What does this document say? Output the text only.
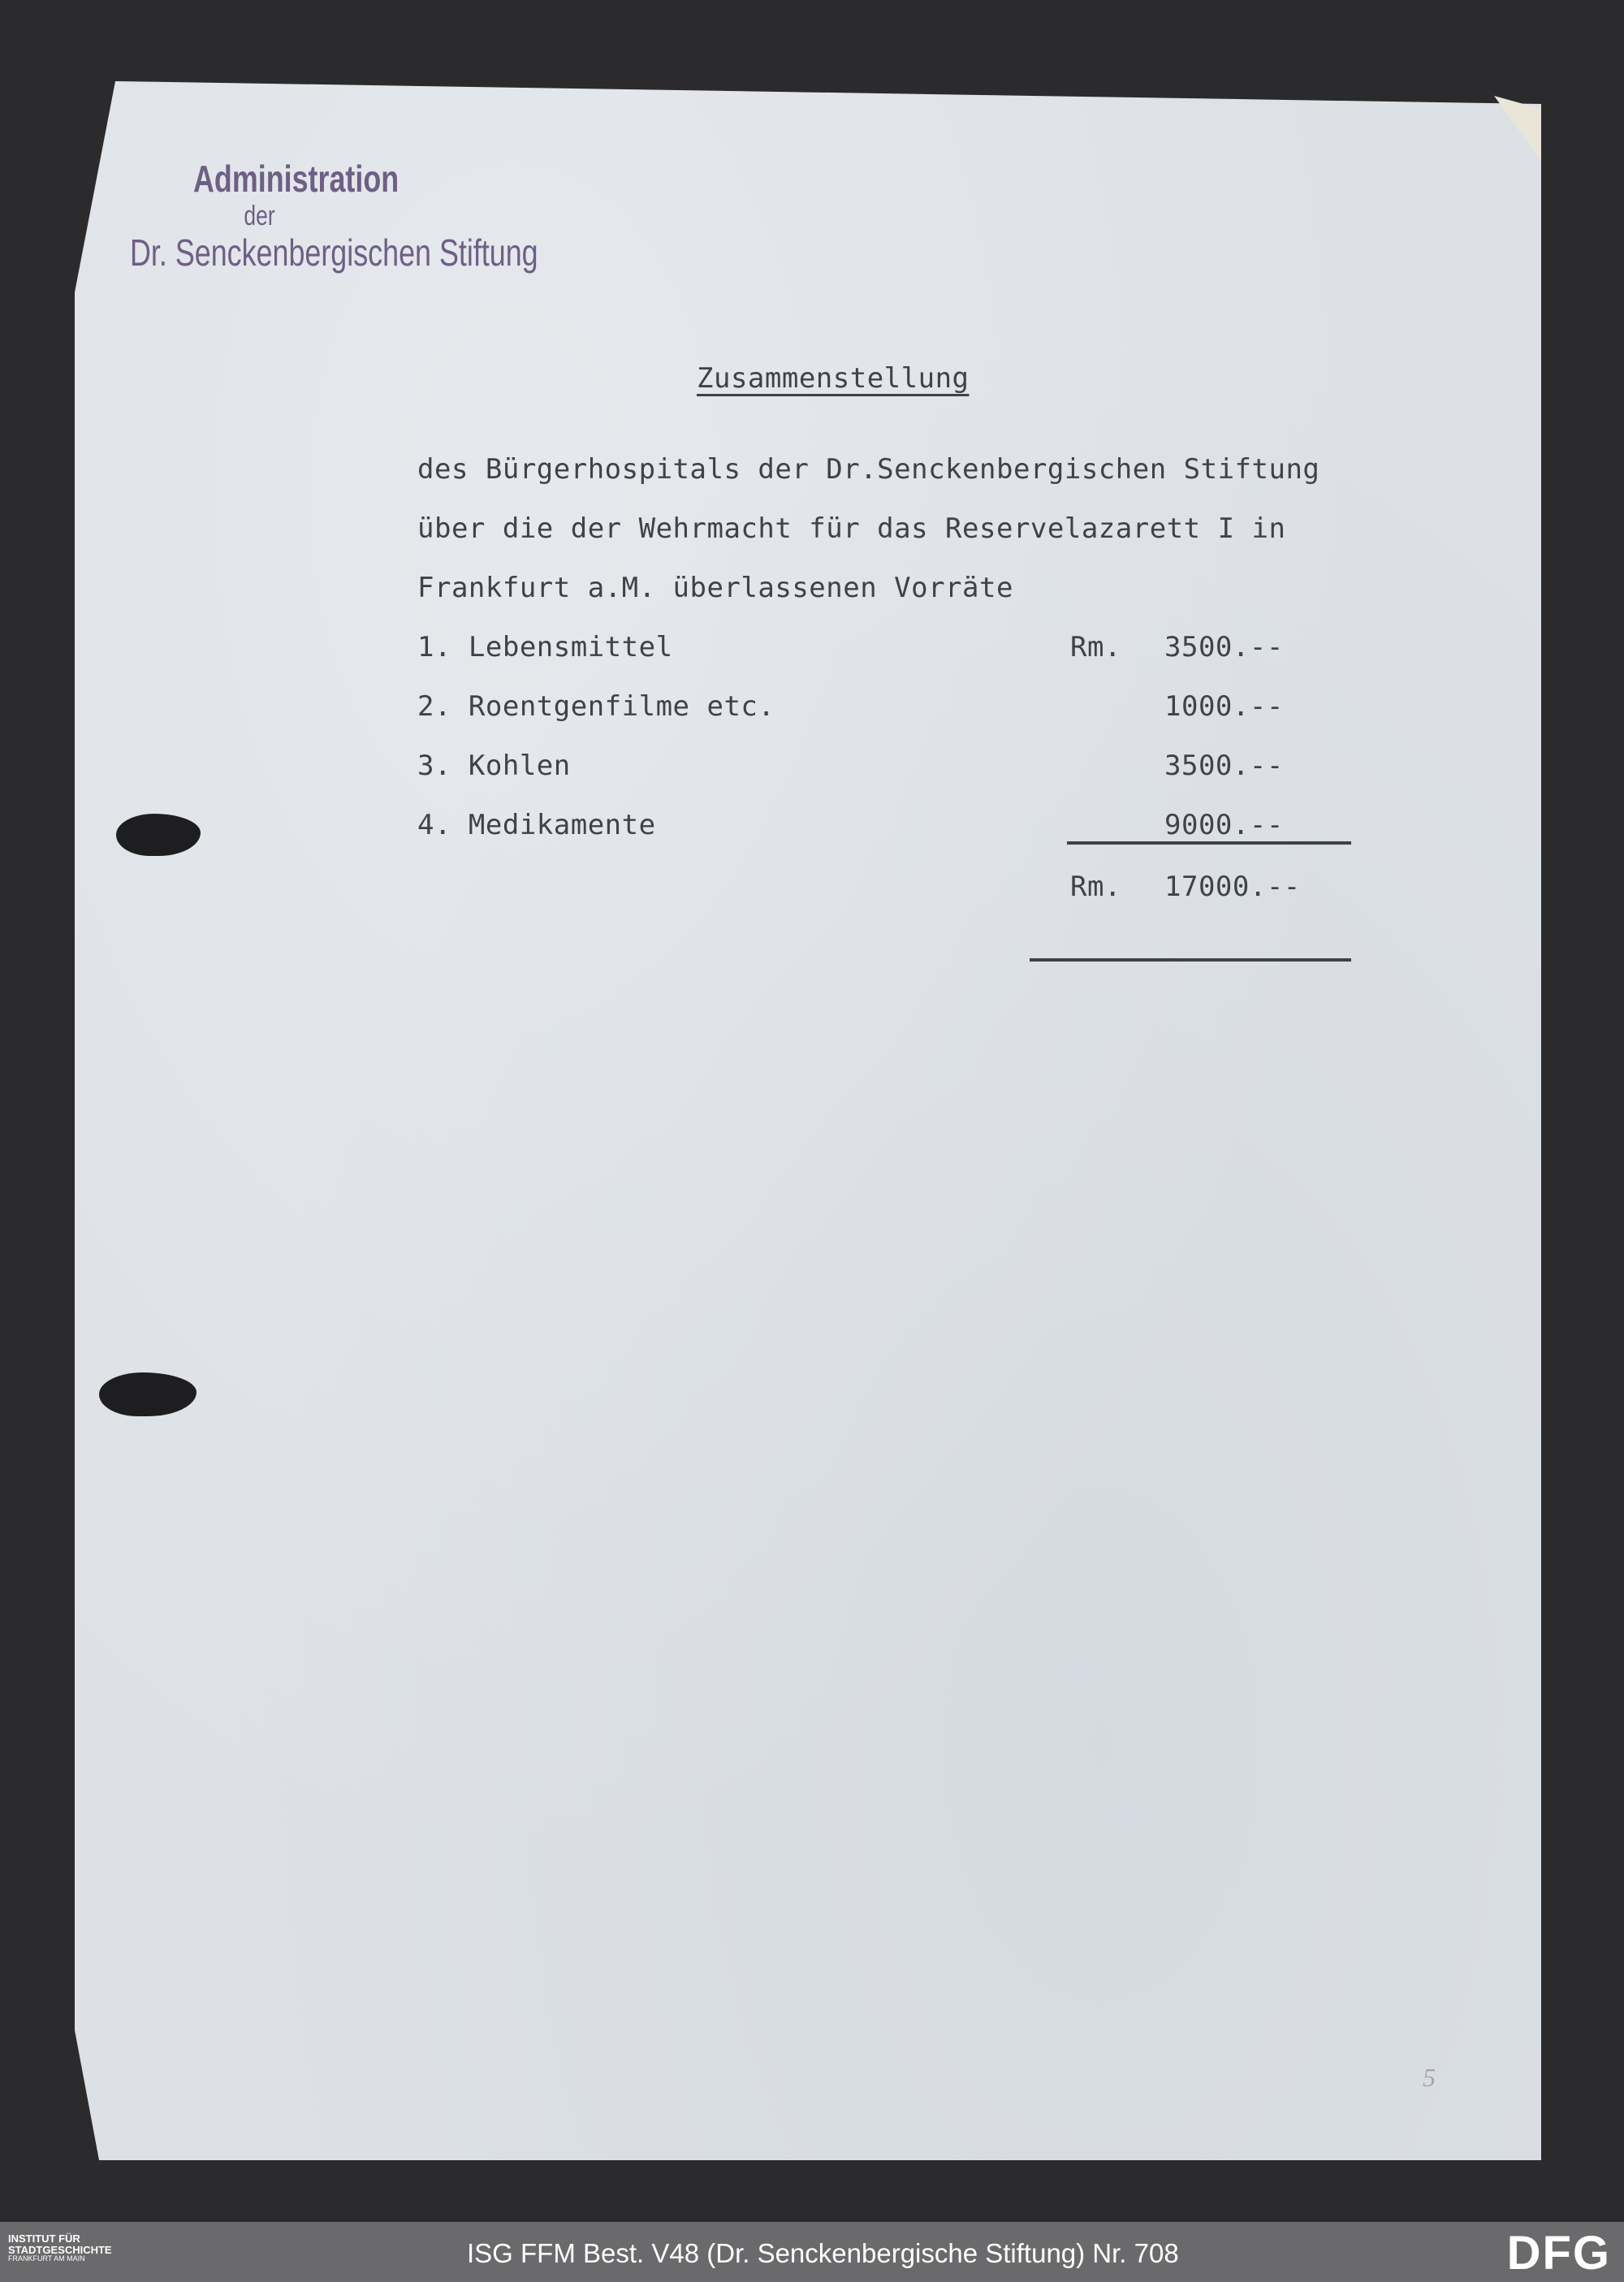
Administration
der
Dr. Senckenbergischen Stiftung
Zusammenstellung
des Bürgerhospitals der Dr.Senckenbergischen Stiftung
über die der Wehrmacht für das Reservelazarett I in
Frankfurt a.M. überlassenen Vorräte
1. Lebensmittel	Rm. 3500.--
2. Roentgenfilme etc.	1000.--
3. Kohlen	3500.--
4. Medikamente	9000.--
Rm. 17000.--
5
INSTITUT FÜR
STADTGESCHICHTE
FRANKFURT AM MAIN	ISG FFM Best. V48 (Dr. Senckenbergische Stiftung) Nr. 708	DFG
